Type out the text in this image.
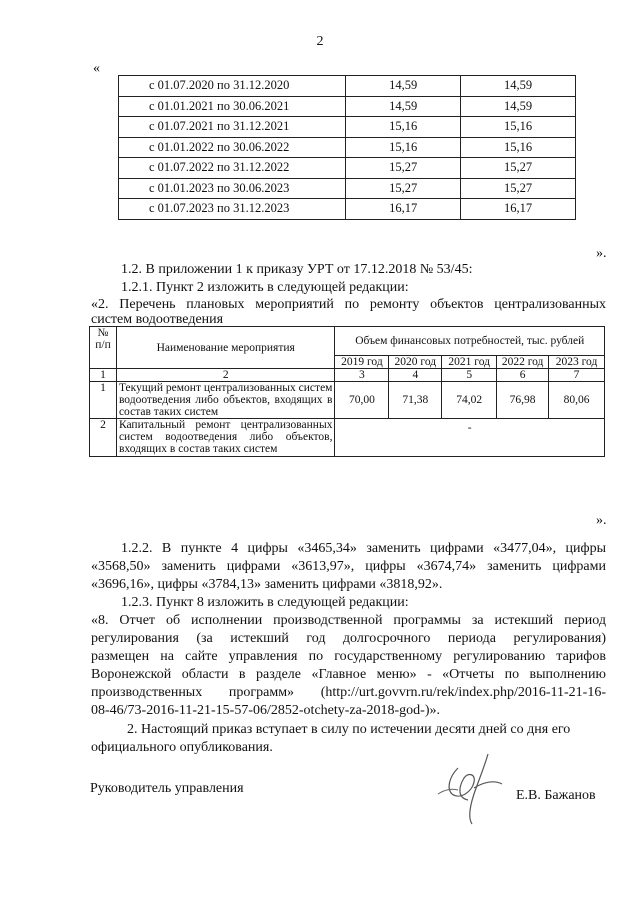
2
«
с 01.07.2020 по 31.12.2020	14,59	14,59
с 01.01.2021 по 30.06.2021	14,59	14,59
с 01.07.2021 по 31.12.2021	15,16	15,16
с 01.01.2022 по 30.06.2022	15,16	15,16
с 01.07.2022 по 31.12.2022	15,27	15,27
с 01.01.2023 по 30.06.2023	15,27	15,27
с 01.07.2023 по 31.12.2023	16,17	16,17
».
1.2. В приложении 1 к приказу УРТ от 17.12.2018 № 53/45:
1.2.1. Пункт 2 изложить в следующей редакции:
«2. Перечень плановых мероприятий по ремонту объектов централизованных
систем водоотведения
№ п/п	Наименование мероприятия	Объем финансовых потребностей, тыс. рублей				
		2019 год	2020 год	2021 год	2022 год	2023 год
1	2	3	4	5	6	7
1	Текущий ремонт централизованных систем водоотведения либо объектов, входящих в состав таких систем	70,00	71,38	74,02	76,98	80,06
2	Капитальный ремонт централизованных систем водоотведения либо объектов, входящих в состав таких систем	-				
».
1.2.2. В пункте 4 цифры «3465,34» заменить цифрами «3477,04», цифры
«3568,50» заменить цифрами «3613,97», цифры «3674,74» заменить цифрами
«3696,16», цифры «3784,13» заменить цифрами «3818,92».
1.2.3. Пункт 8 изложить в следующей редакции:
«8. Отчет об исполнении производственной программы за истекший период
регулирования (за истекший год долгосрочного периода регулирования)
размещен на сайте управления по государственному регулированию тарифов
Воронежской области в разделе «Главное меню» - «Отчеты по выполнению
производственных программ» (http://urt.govvrn.ru/rek/index.php/2016-11-21-16-
08-46/73-2016-11-21-15-57-06/2852-otchety-za-2018-god-)».
2. Настоящий приказ вступает в силу по истечении десяти дней со дня его
официального опубликования.
Руководитель управления	Е.В. Бажанов
